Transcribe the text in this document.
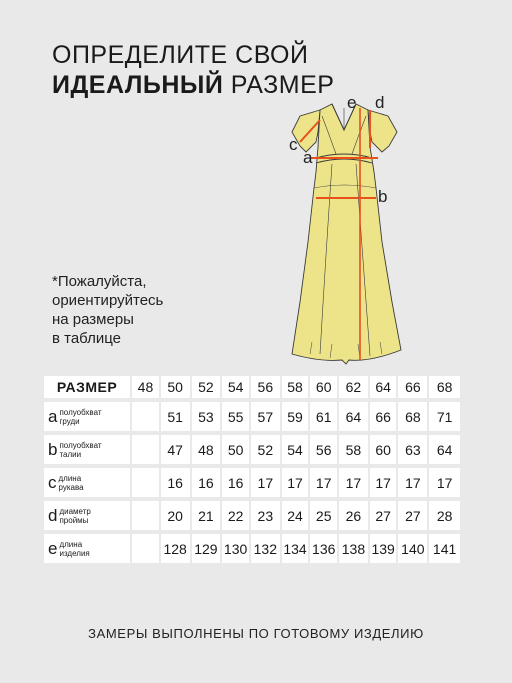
ОПРЕДЕЛИТЕ СВОЙ
ИДЕАЛЬНЫЙ РАЗМЕР
*Пожалуйста,
ориентируйтесь
на размеры
в таблице
c
a
e d
b
РАЗМЕР	48	50	52	54	56	58	60	62	64	66	68
a полуобхват
груди		51	53	55	57	59	61	64	66	68	71
b полуобхват
талии		47	48	50	52	54	56	58	60	63	64
c длина
рукава		16	16	16	17	17	17	17	17	17	17
d диаметр
проймы		20	21	22	23	24	25	26	27	27	28
e длина
изделия		128	129	130	132	134	136	138	139	140	141
ЗАМЕРЫ ВЫПОЛНЕНЫ ПО ГОТОВОМУ ИЗДЕЛИЮ
